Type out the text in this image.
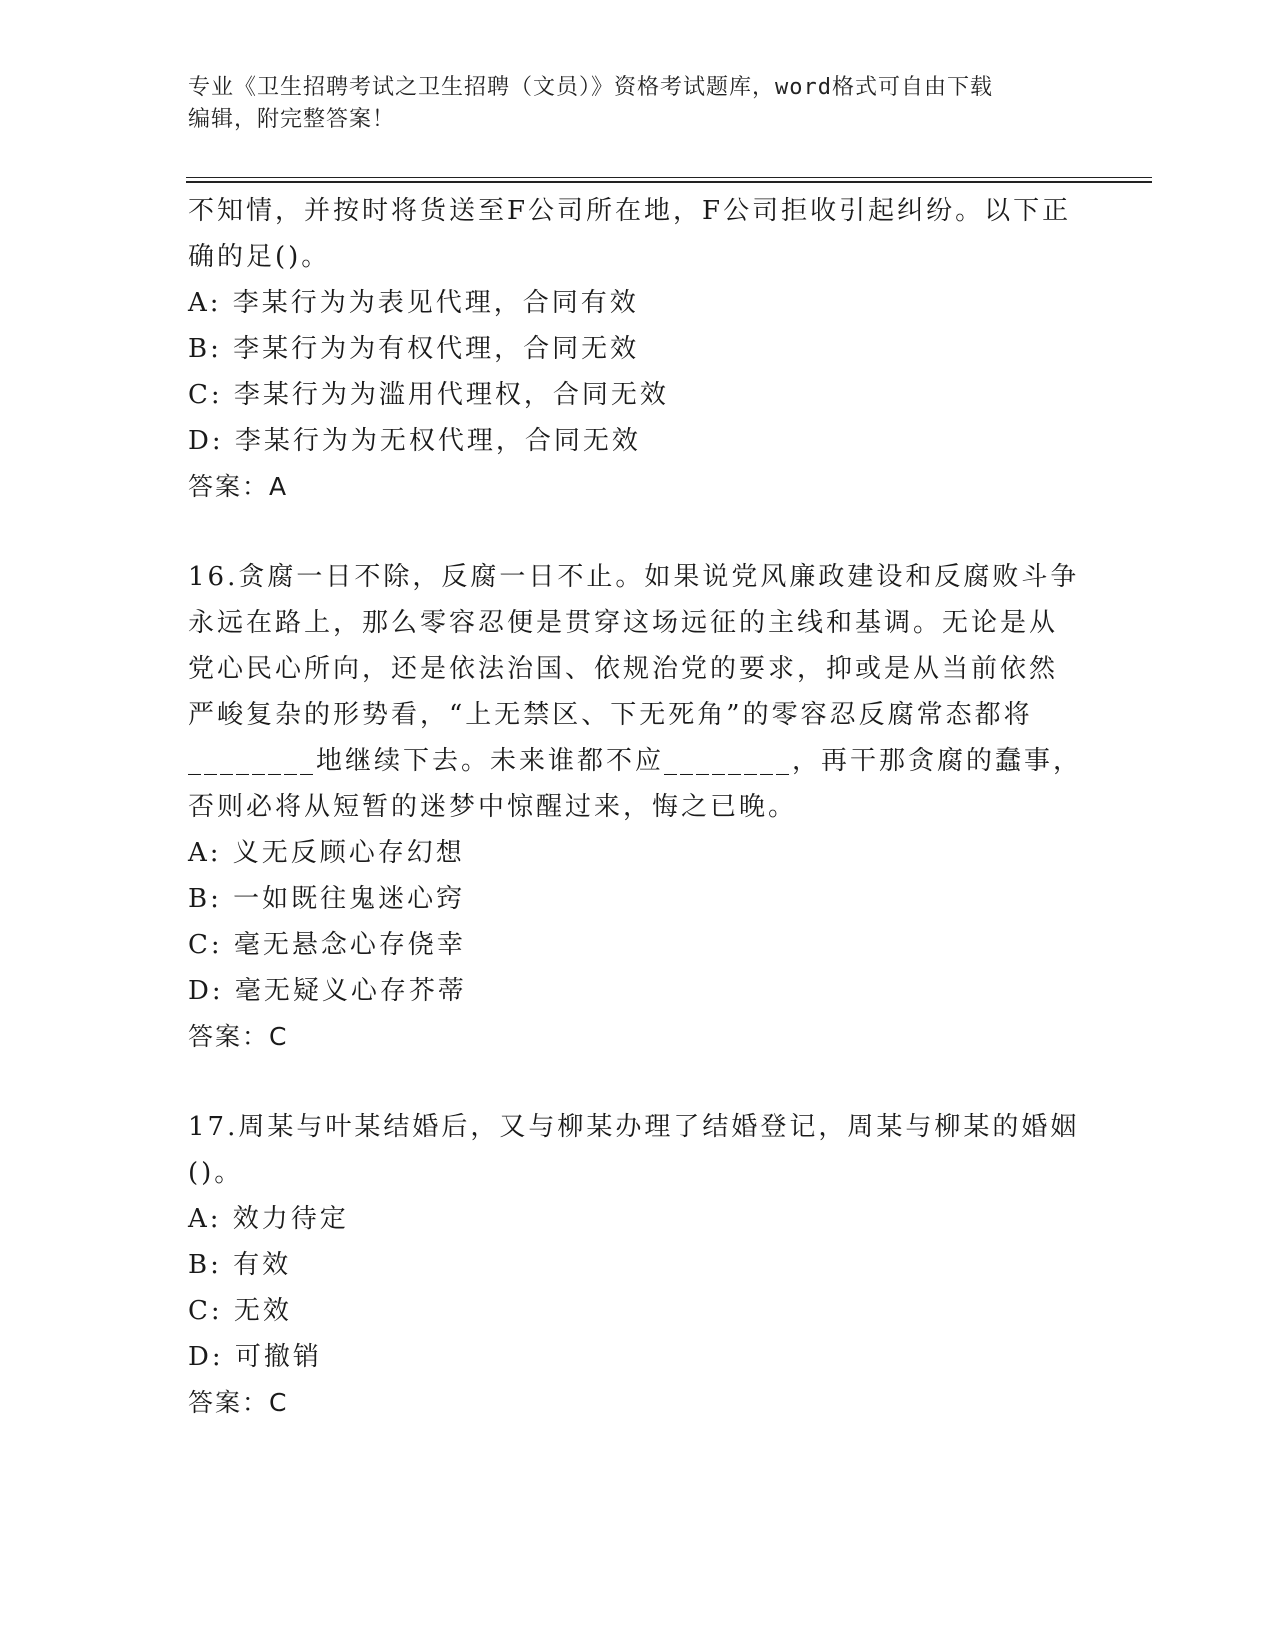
专业《卫生招聘考试之卫生招聘（文员）》资格考试题库，word格式可自由下载
编辑，附完整答案！
不知情，并按时将货送至F公司所在地，F公司拒收引起纠纷。以下正
确的足()。
A: 李某行为为表见代理，合同有效
B: 李某行为为有权代理，合同无效
C: 李某行为为滥用代理权，合同无效
D: 李某行为为无权代理，合同无效
答案：A
16.贪腐一日不除，反腐一日不止。如果说党风廉政建设和反腐败斗争
永远在路上，那么零容忍便是贯穿这场远征的主线和基调。无论是从
党心民心所向，还是依法治国、依规治党的要求，抑或是从当前依然
严峻复杂的形势看，“上无禁区、下无死角”的零容忍反腐常态都将
________地继续下去。未来谁都不应________，再干那贪腐的蠢事，
否则必将从短暂的迷梦中惊醒过来，悔之已晚。
A: 义无反顾心存幻想
B: 一如既往鬼迷心窍
C: 毫无悬念心存侥幸
D: 毫无疑义心存芥蒂
答案：C
17.周某与叶某结婚后，又与柳某办理了结婚登记，周某与柳某的婚姻
()。
A: 效力待定
B: 有效
C: 无效
D: 可撤销
答案：C
